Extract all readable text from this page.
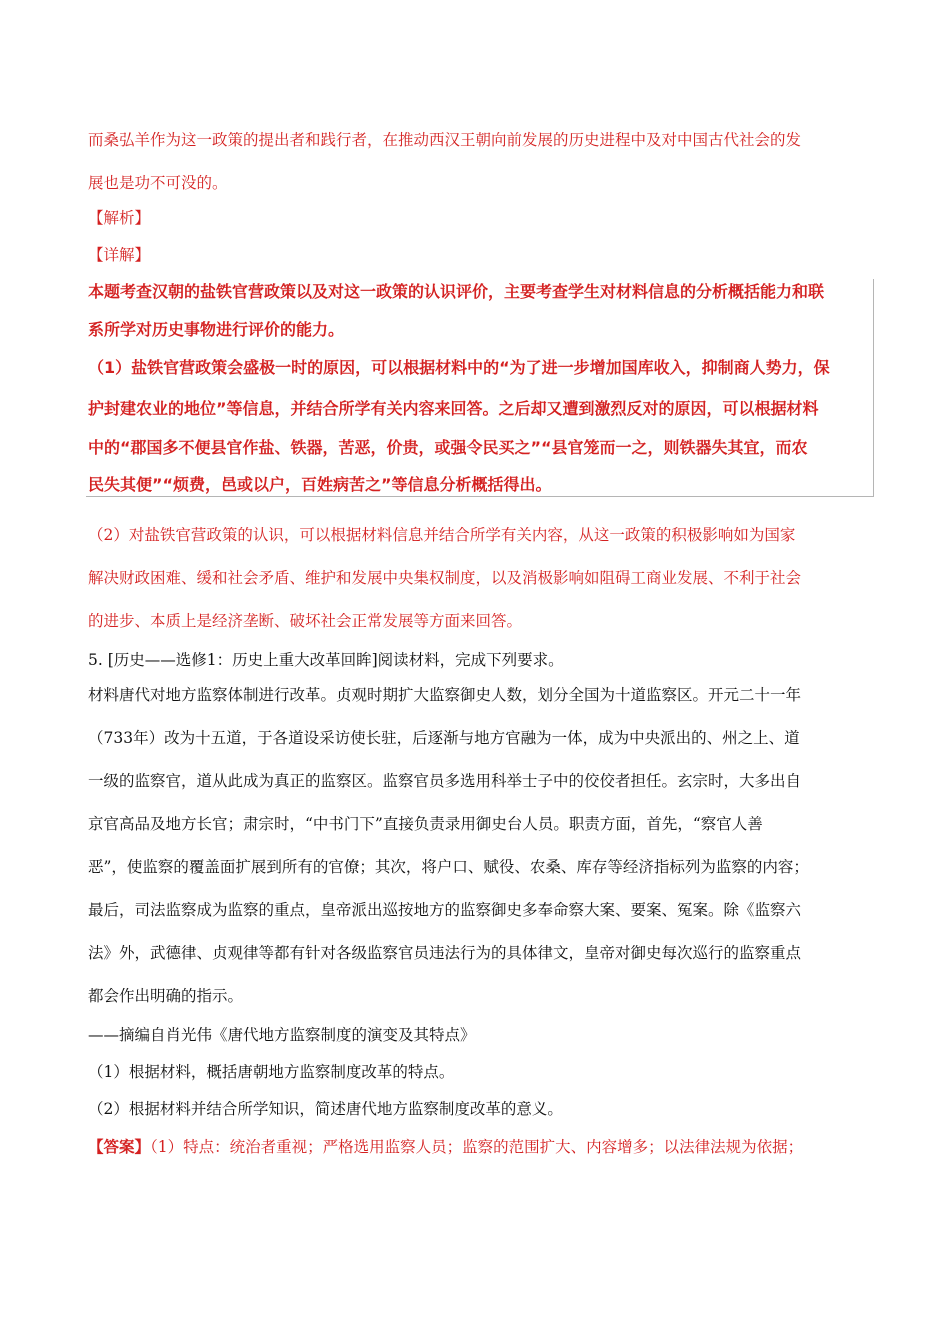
而桑弘羊作为这一政策的提出者和践行者，在推动西汉王朝向前发展的历史进程中及对中国古代社会的发
展也是功不可没的。
【解析】
【详解】
本题考查汉朝的盐铁官营政策以及对这一政策的认识评价，主要考查学生对材料信息的分析概括能力和联
系所学对历史事物进行评价的能力。
（1）盐铁官营政策会盛极一时的原因，可以根据材料中的“为了进一步增加国库收入，抑制商人势力，保
护封建农业的地位”等信息，并结合所学有关内容来回答。之后却又遭到激烈反对的原因，可以根据材料
中的“郡国多不便县官作盐、铁器，苦恶，价贵，或强令民买之”“县官笼而一之，则铁器失其宜，而农
民失其便”“烦费，邑或以户，百姓病苦之”等信息分析概括得出。
（2）对盐铁官营政策的认识，可以根据材料信息并结合所学有关内容，从这一政策的积极影响如为国家
解决财政困难、缓和社会矛盾、维护和发展中央集权制度，以及消极影响如阻碍工商业发展、不利于社会
的进步、本质上是经济垄断、破坏社会正常发展等方面来回答。
5. [历史——选修1：历史上重大改革回眸]阅读材料，完成下列要求。
材料唐代对地方监察体制进行改革。贞观时期扩大监察御史人数，划分全国为十道监察区。开元二十一年
（733年）改为十五道，于各道设采访使长驻，后逐渐与地方官融为一体，成为中央派出的、州之上、道
一级的监察官，道从此成为真正的监察区。监察官员多选用科举士子中的佼佼者担任。玄宗时，大多出自
京官高品及地方长官；肃宗时，“中书门下”直接负责录用御史台人员。职责方面，首先，“察官人善
恶”，使监察的覆盖面扩展到所有的官僚；其次，将户口、赋役、农桑、库存等经济指标列为监察的内容；
最后，司法监察成为监察的重点，皇帝派出巡按地方的监察御史多奉命察大案、要案、冤案。除《监察六
法》外，武德律、贞观律等都有针对各级监察官员违法行为的具体律文，皇帝对御史每次巡行的监察重点
都会作出明确的指示。
——摘编自肖光伟《唐代地方监察制度的演变及其特点》
（1）根据材料，概括唐朝地方监察制度改革的特点。
（2）根据材料并结合所学知识，简述唐代地方监察制度改革的意义。
【答案】（1）特点：统治者重视；严格选用监察人员；监察的范围扩大、内容增多；以法律法规为依据；
